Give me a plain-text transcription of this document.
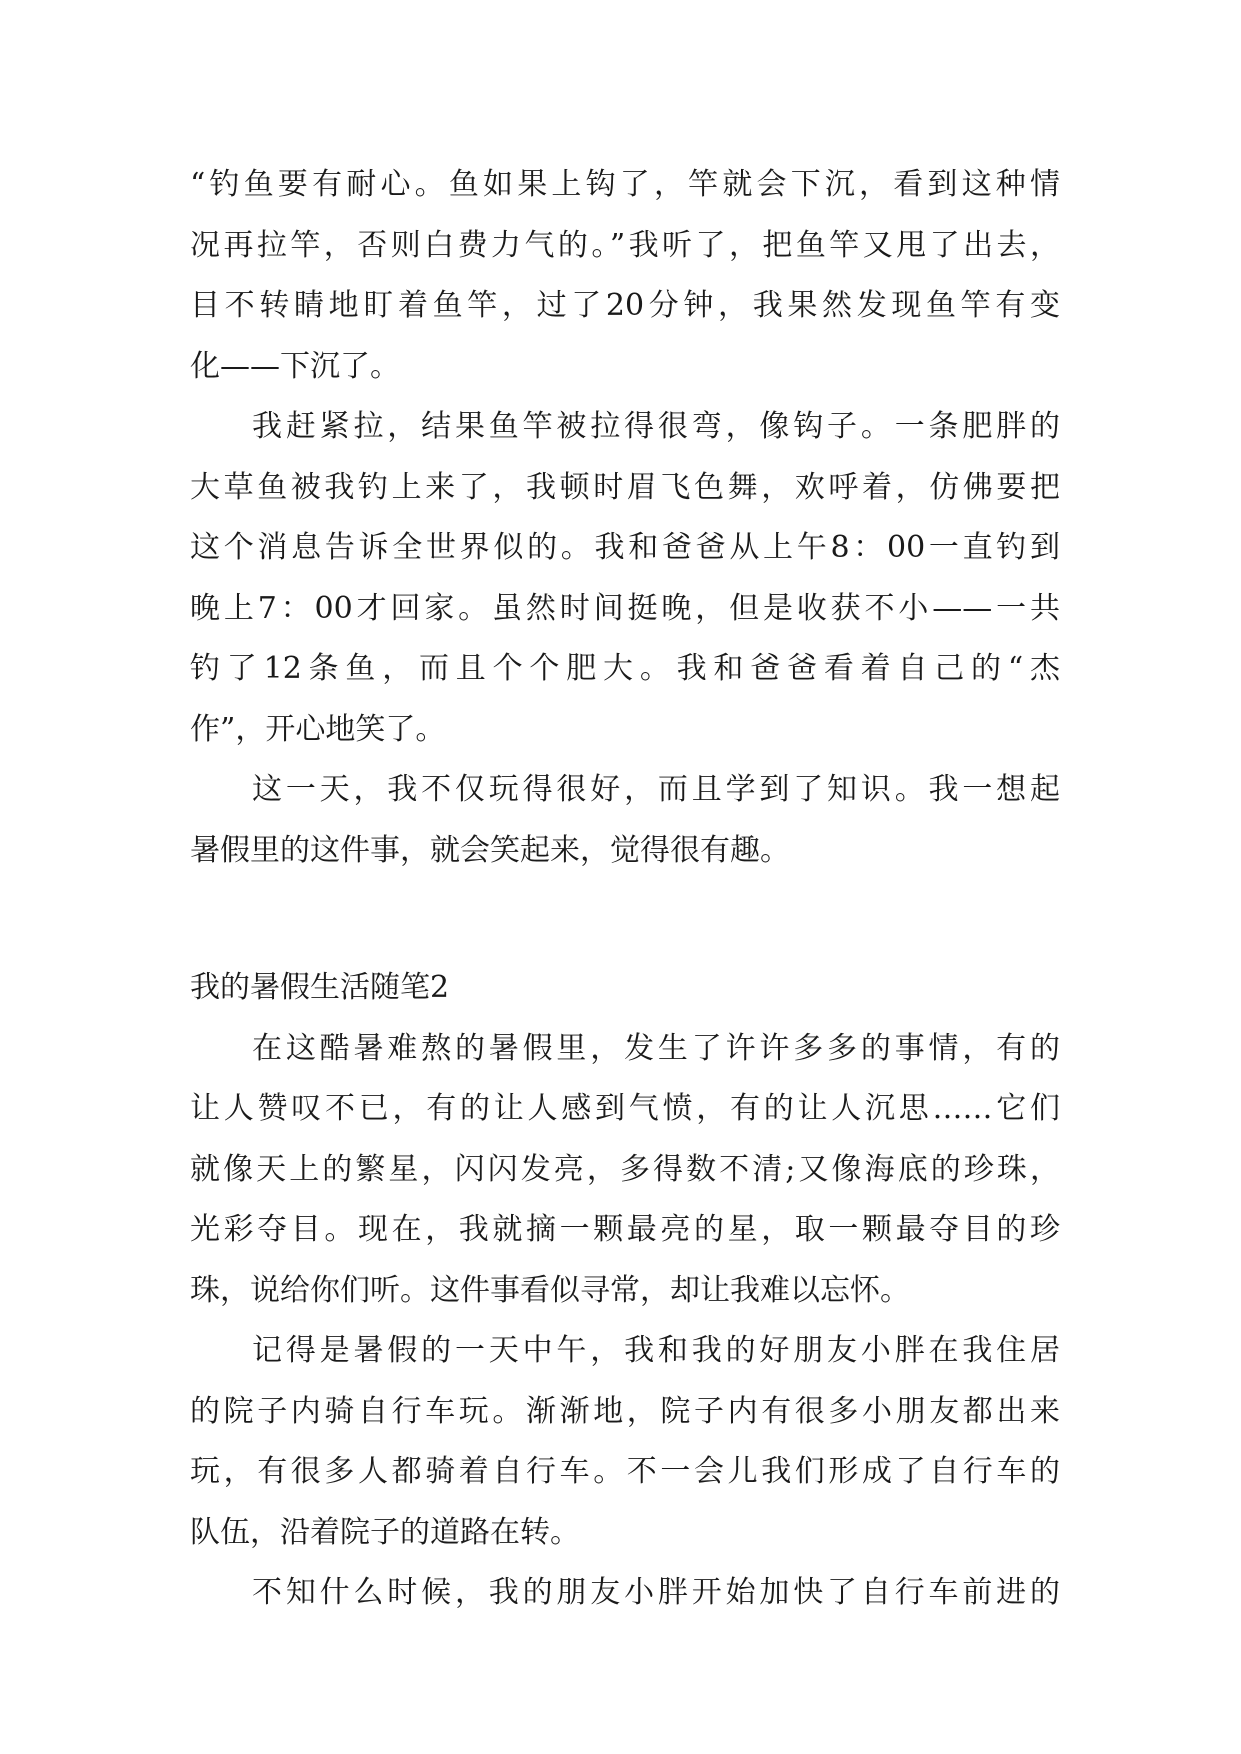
“钓鱼要有耐心。鱼如果上钩了，竿就会下沉，看到这种情
况再拉竿，否则白费力气的。”我听了，把鱼竿又甩了出去，
目不转睛地盯着鱼竿，过了20分钟，我果然发现鱼竿有变
化——下沉了。
我赶紧拉，结果鱼竿被拉得很弯，像钩子。一条肥胖的
大草鱼被我钓上来了，我顿时眉飞色舞，欢呼着，仿佛要把
这个消息告诉全世界似的。我和爸爸从上午8：00一直钓到
晚上7：00才回家。虽然时间挺晚，但是收获不小——一共
钓了12条鱼，而且个个肥大。我和爸爸看着自己的“杰
作”，开心地笑了。
这一天，我不仅玩得很好，而且学到了知识。我一想起
暑假里的这件事，就会笑起来，觉得很有趣。
我的暑假生活随笔2
在这酷暑难熬的暑假里，发生了许许多多的事情，有的
让人赞叹不已，有的让人感到气愤，有的让人沉思……它们
就像天上的繁星，闪闪发亮，多得数不清;又像海底的珍珠，
光彩夺目。现在，我就摘一颗最亮的星，取一颗最夺目的珍
珠，说给你们听。这件事看似寻常，却让我难以忘怀。
记得是暑假的一天中午，我和我的好朋友小胖在我住居
的院子内骑自行车玩。渐渐地，院子内有很多小朋友都出来
玩，有很多人都骑着自行车。不一会儿我们形成了自行车的
队伍，沿着院子的道路在转。
不知什么时候，我的朋友小胖开始加快了自行车前进的
